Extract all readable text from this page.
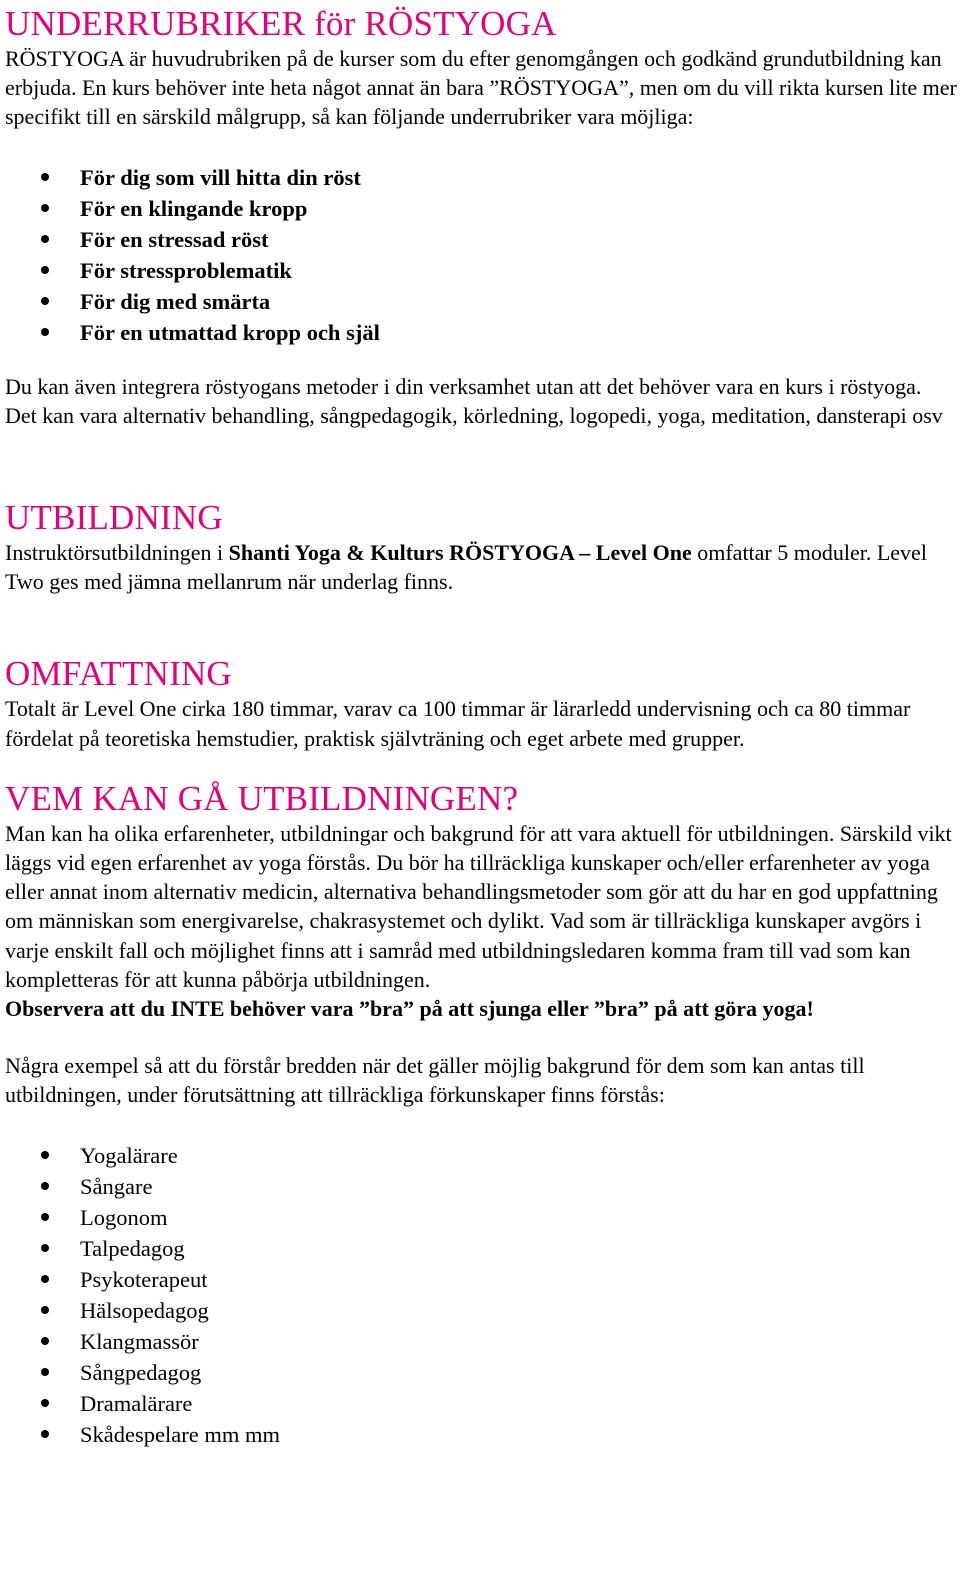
UNDERRUBRIKER för RÖSTYOGA

RÖSTYOGA är huvudrubriken på de kurser som du efter genomgången och godkänd grundutbildning kan erbjuda. En kurs behöver inte heta något annat än bara ”RÖSTYOGA”, men om du vill rikta kursen lite mer specifikt till en särskild målgrupp, så kan följande underrubriker vara möjliga:

För dig som vill hitta din röst
För en klingande kropp
För en stressad röst
För stressproblematik
För dig med smärta
För en utmattad kropp och själ

Du kan även integrera röstyogans metoder i din verksamhet utan att det behöver vara en kurs i röstyoga. Det kan vara alternativ behandling, sångpedagogik, körledning, logopedi, yoga, meditation, dansterapi osv

UTBILDNING

Instruktörsutbildningen i Shanti Yoga & Kulturs RÖSTYOGA – Level One omfattar 5 moduler. Level Two ges med jämna mellanrum när underlag finns.

OMFATTNING

Totalt är Level One cirka 180 timmar, varav ca 100 timmar är lärarledd undervisning och ca 80 timmar fördelat på teoretiska hemstudier, praktisk självträning och eget arbete med grupper.

VEM KAN GÅ UTBILDNINGEN?

Man kan ha olika erfarenheter, utbildningar och bakgrund för att vara aktuell för utbildningen. Särskild vikt läggs vid egen erfarenhet av yoga förstås. Du bör ha tillräckliga kunskaper och/eller erfarenheter av yoga eller annat inom alternativ medicin, alternativa behandlingsmetoder som gör att du har en god uppfattning om människan som energivarelse, chakrasystemet och dylikt. Vad som är tillräckliga kunskaper avgörs i varje enskilt fall och möjlighet finns att i samråd med utbildningsledaren komma fram till vad som kan kompletteras för att kunna påbörja utbildningen.

Observera att du INTE behöver vara ”bra” på att sjunga eller ”bra” på att göra yoga!

Några exempel så att du förstår bredden när det gäller möjlig bakgrund för dem som kan antas till utbildningen, under förutsättning att tillräckliga förkunskaper finns förstås:

Yogalärare
Sångare
Logonom
Talpedagog
Psykoterapeut
Hälsopedagog
Klangmassör
Sångpedagog
Dramalärare
Skådespelare mm mm
